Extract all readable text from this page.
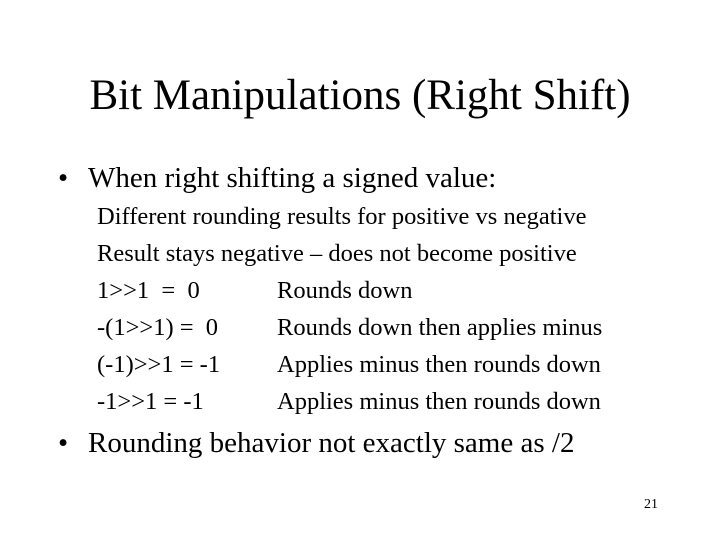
Bit Manipulations (Right Shift)
• When right shifting a signed value:
Different rounding results for positive vs negative
Result stays negative – does not become positive
1>>1  =  0	Rounds down
-(1>>1) =  0 Rounds down then applies minus
(-1)>>1 = -1 Applies minus then rounds down
-1>>1 = -1	Applies minus then rounds down
• Rounding behavior not exactly same as /2
21
